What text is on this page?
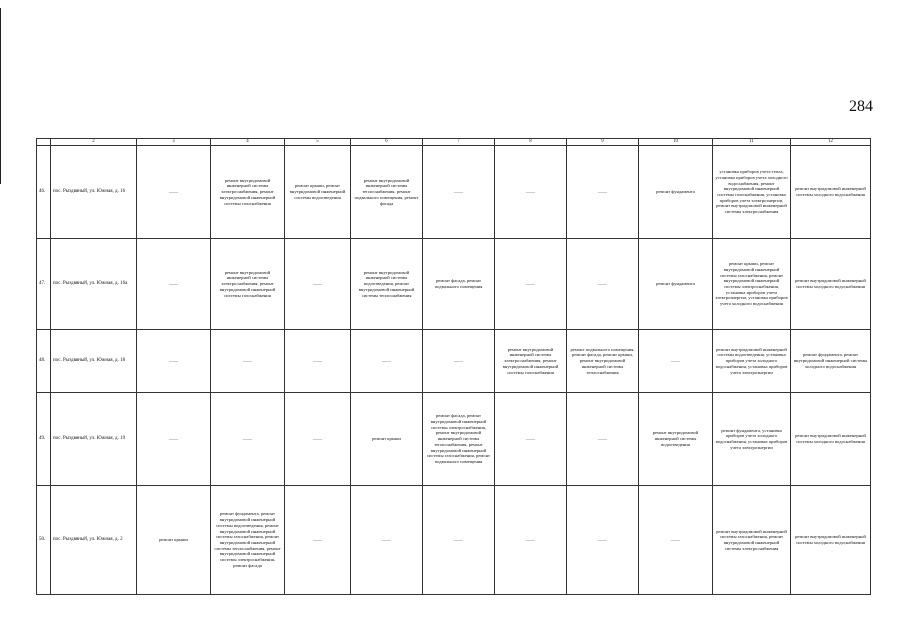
284
	2	3	4	5	6	7	8	9	10	11	12
46.	пос. Рыздвяный, ул. Южная, д. 16	——	ремонт внутридомовой инженерной системы электроснабжения, ремонт внутридомовой инженерной системы газоснабжения	ремонт крыши, ремонт внутридомовой инженерной системы водоотведения	ремонт внутридомовой инженерной системы теплоснабжения, ремонт подвального помещения, ремонт фасада	——	——	——	ремонт фундамента	установка приборов учета тепла, установка приборов учета холодного водоснабжения, ремонт внутридомовой инженерной системы газоснабжения, установка приборов учета электроэнергии, ремонт внутридомовой инженерной системы электроснабжения	ремонт внутридомовой инженерной системы холодного водоснабжения
47.	пос. Рыздвяный, ул. Южная, д. 16а	——	ремонт внутридомовой инженерной системы электроснабжения, ремонт внутридомовой инженерной системы газоснабжения	——	ремонт внутридомовой инженерной системы водоотведения, ремонт внутридомовой инженерной системы теплоснабжения	ремонт фасада, ремонт подвального помещения	——	——	ремонт фундамента	ремонт крыши, ремонт внутридомовой инженерной системы газоснабжения, ремонт внутридомовой инженерной системы электроснабжения, установка приборов учета электроэнергии, установка приборов учета холодного водоснабжения	ремонт внутридомовой инженерной системы холодного водоснабжения
48.	пос. Рыздвяный, ул. Южная, д. 18	——	——	——	——	——	ремонт внутридомовой инженерной системы электроснабжения, ремонт внутридомовой инженерной системы газоснабжения	ремонт подвального помещения, ремонт фасада, ремонт крыши, ремонт внутридомовой инженерной системы теплоснабжения	——	ремонт внутридомовой инженерной системы водоотведения, установка приборов учета холодного водоснабжения, установка приборов учета электроэнергии	ремонт фундамента, ремонт внутридомовой инженерной системы холодного водоснабжения
49.	пос. Рыздвяный, ул. Южная, д. 19	——	——	——	ремонт крыши	ремонт фасада, ремонт внутридомовой инженерной системы электроснабжения, ремонт внутридомовой инженерной системы теплоснабжения, ремонт внутридомовой инженерной системы газоснабжения, ремонт подвального помещения	——	——	ремонт внутридомовой инженерной системы водоотведения	ремонт фундамента, установка приборов учета холодного водоснабжения, установка приборов учета электроэнергии	ремонт внутридомовой инженерной системы холодного водоснабжения
50.	пос. Рыздвяный, ул. Южная, д. 2	ремонт крыши	ремонт фундамента, ремонт внутридомовой инженерной системы водоотведения, ремонт внутридомовой инженерной системы газоснабжения, ремонт внутридомовой инженерной системы теплоснабжения, ремонт внутридомовой инженерной системы электроснабжения, ремонт фасада	——	——	——	——	——	——	ремонт внутридомовой инженерной системы газоснабжения, ремонт внутридомовой инженерной системы электроснабжения	ремонт внутридомовой инженерной системы холодного водоснабжения
